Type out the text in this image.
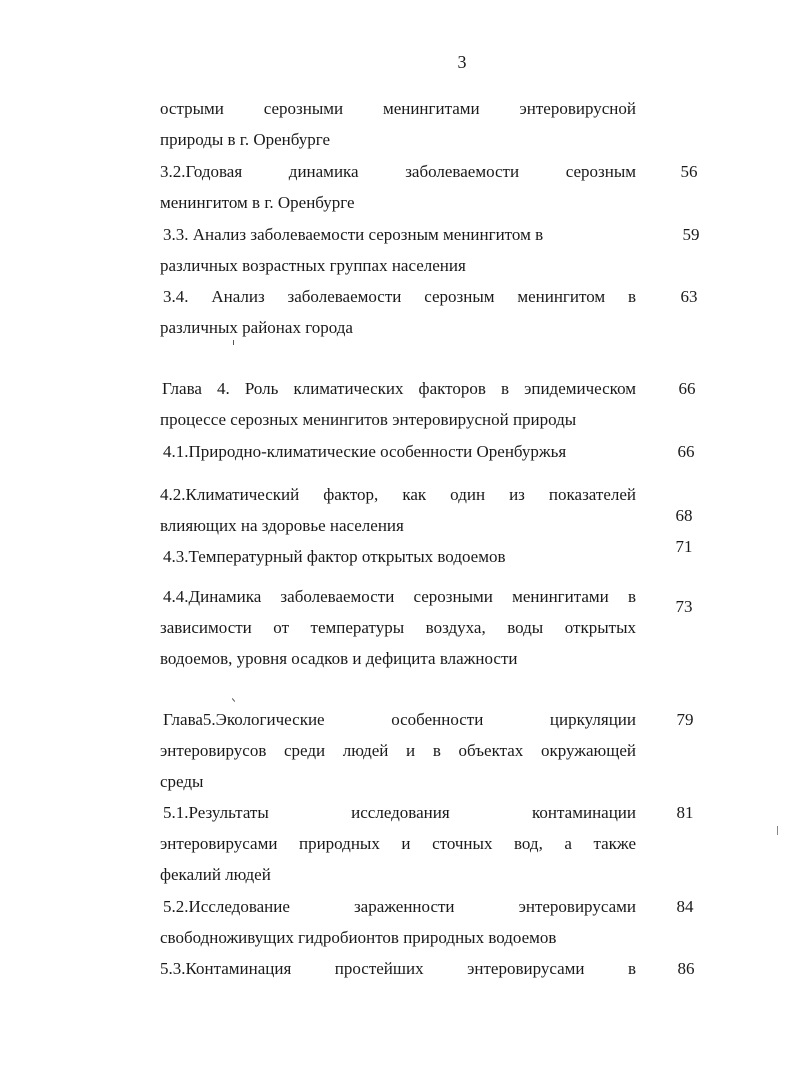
3
острыми серозными менингитами энтеровирусной
природы в г. Оренбурге
3.2.Годовая динамика заболеваемости серозным
менингитом в г. Оренбурге
3.3. Анализ заболеваемости серозным менингитом в
различных возрастных группах населения
3.4. Анализ заболеваемости серозным менингитом в
различных районах города
Глава 4. Роль климатических факторов в эпидемическом
процессе серозных менингитов энтеровирусной природы
4.1.Природно-климатические особенности Оренбуржья
4.2.Климатический фактор, как один из показателей
влияющих на здоровье населения
4.3.Температурный фактор открытых водоемов
4.4.Динамика заболеваемости серозными менингитами в
зависимости от температуры воздуха, воды открытых
водоемов, уровня осадков и дефицита влажности
Глава5.Экологические особенности циркуляции
энтеровирусов среди людей и в объектах окружающей
среды
5.1.Результаты исследования контаминации
энтеровирусами природных и сточных вод, а также
фекалий людей
5.2.Исследование зараженности энтеровирусами
свободноживущих гидробионтов природных водоемов
5.3.Контаминация простейших энтеровирусами в
56
59
63
66
66
68
71
73
79
81
84
86
